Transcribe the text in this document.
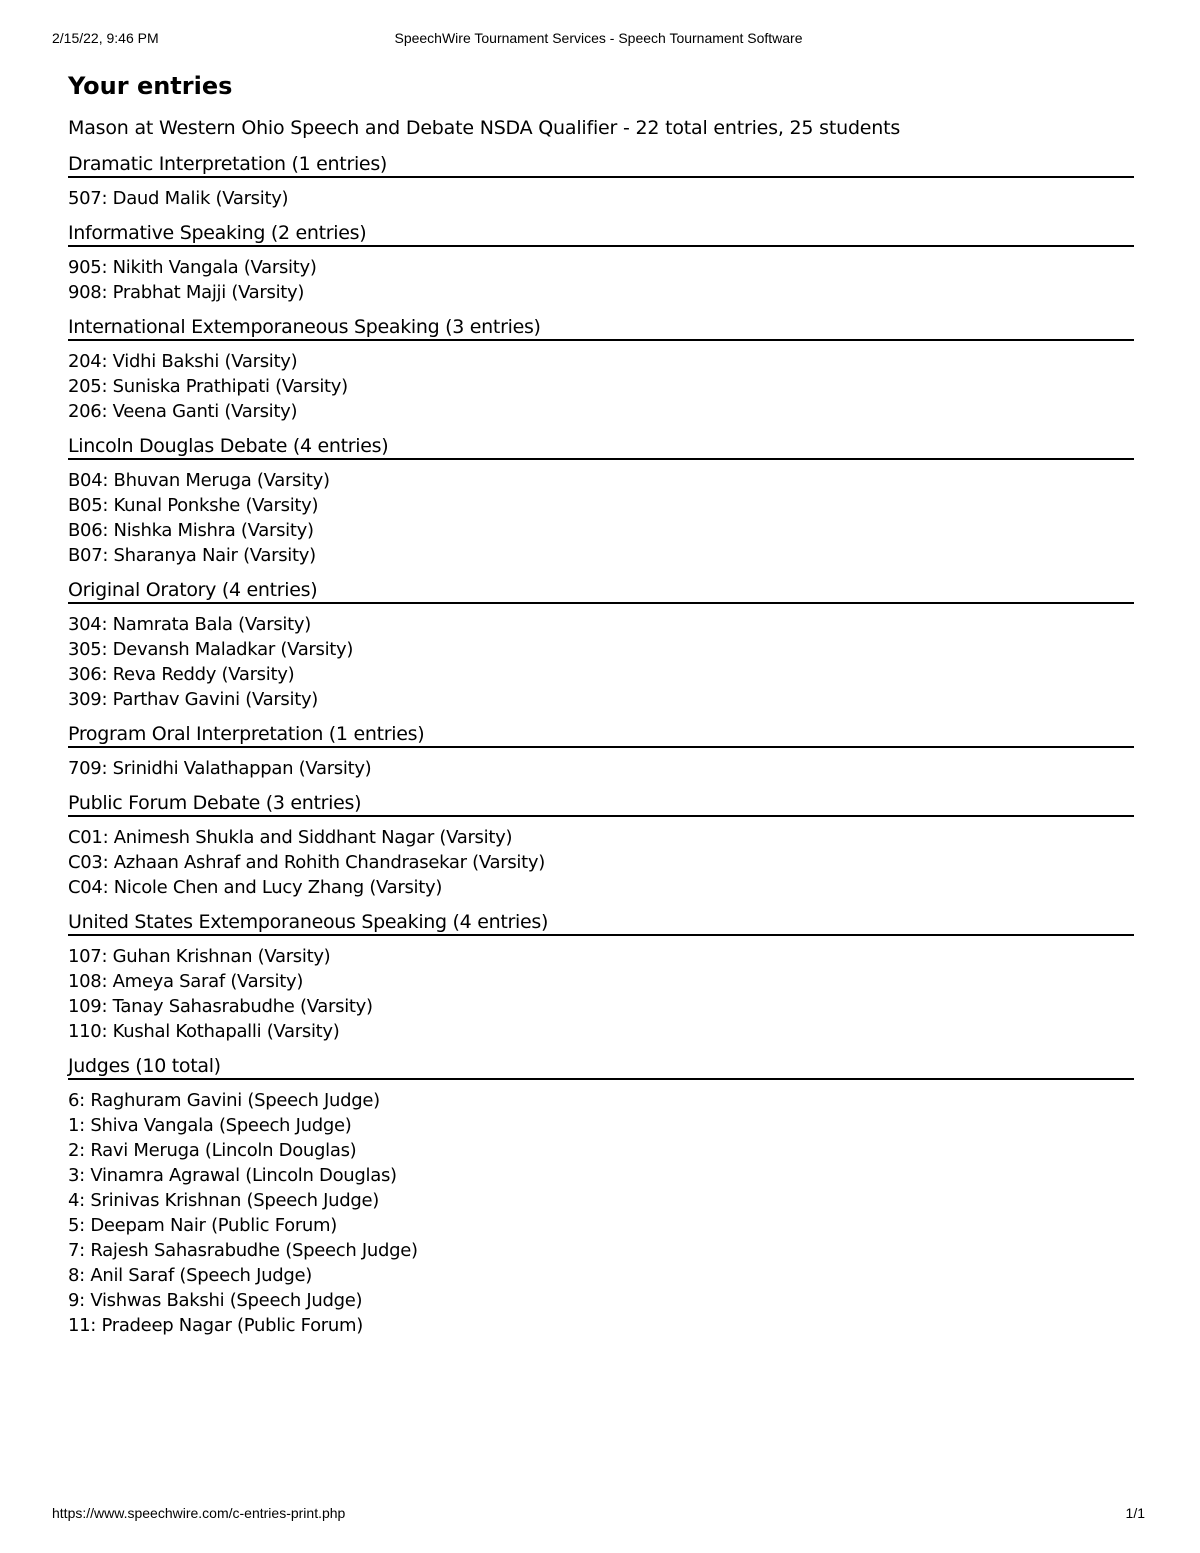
2/15/22, 9:46 PM	SpeechWire Tournament Services - Speech Tournament Software
Your entries
Mason at Western Ohio Speech and Debate NSDA Qualifier - 22 total entries, 25 students
Dramatic Interpretation (1 entries)
507: Daud Malik (Varsity)
Informative Speaking (2 entries)
905: Nikith Vangala (Varsity)
908: Prabhat Majji (Varsity)
International Extemporaneous Speaking (3 entries)
204: Vidhi Bakshi (Varsity)
205: Suniska Prathipati (Varsity)
206: Veena Ganti (Varsity)
Lincoln Douglas Debate (4 entries)
B04: Bhuvan Meruga (Varsity)
B05: Kunal Ponkshe (Varsity)
B06: Nishka Mishra (Varsity)
B07: Sharanya Nair (Varsity)
Original Oratory (4 entries)
304: Namrata Bala (Varsity)
305: Devansh Maladkar (Varsity)
306: Reva Reddy (Varsity)
309: Parthav Gavini (Varsity)
Program Oral Interpretation (1 entries)
709: Srinidhi Valathappan (Varsity)
Public Forum Debate (3 entries)
C01: Animesh Shukla and Siddhant Nagar (Varsity)
C03: Azhaan Ashraf and Rohith Chandrasekar (Varsity)
C04: Nicole Chen and Lucy Zhang (Varsity)
United States Extemporaneous Speaking (4 entries)
107: Guhan Krishnan (Varsity)
108: Ameya Saraf (Varsity)
109: Tanay Sahasrabudhe (Varsity)
110: Kushal Kothapalli (Varsity)
Judges (10 total)
6: Raghuram Gavini (Speech Judge)
1: Shiva Vangala (Speech Judge)
2: Ravi Meruga (Lincoln Douglas)
3: Vinamra Agrawal (Lincoln Douglas)
4: Srinivas Krishnan (Speech Judge)
5: Deepam Nair (Public Forum)
7: Rajesh Sahasrabudhe (Speech Judge)
8: Anil Saraf (Speech Judge)
9: Vishwas Bakshi (Speech Judge)
11: Pradeep Nagar (Public Forum)
https://www.speechwire.com/c-entries-print.php	1/1
